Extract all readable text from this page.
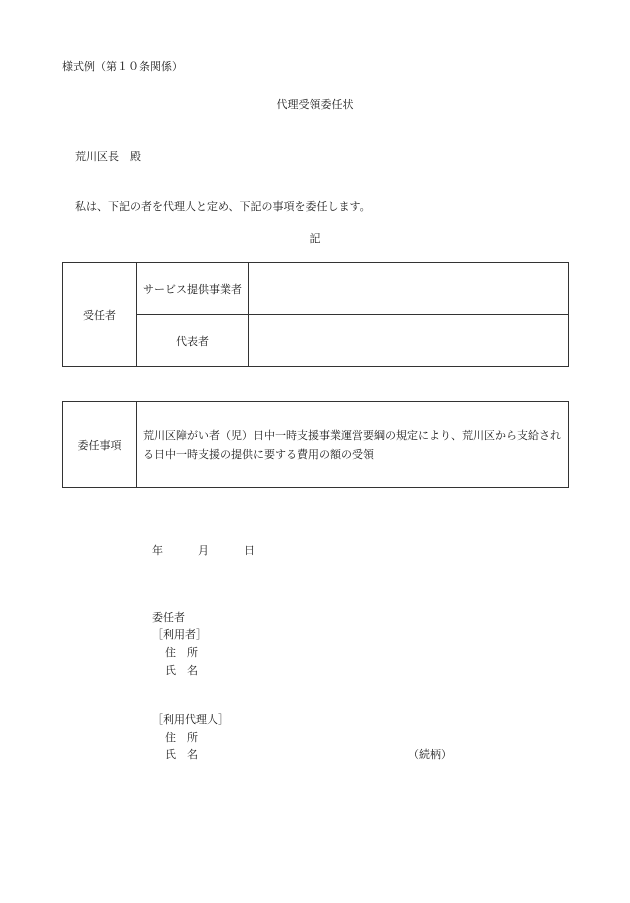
様式例（第１０条関係）
代理受領委任状
荒川区長　殿
私は、下記の者を代理人と定め、下記の事項を委任します。
記
受任者	サービス提供事業者	
	代表者	
委任事項	荒川区障がい者（児）日中一時支援事業運営要綱の規定により、荒川区から支給される日中一時支援の提供に要する費用の額の受領
年	月	日
委任者
［利用者］
住　所
氏　名
［利用代理人］
住　所
氏　名	（続柄）
